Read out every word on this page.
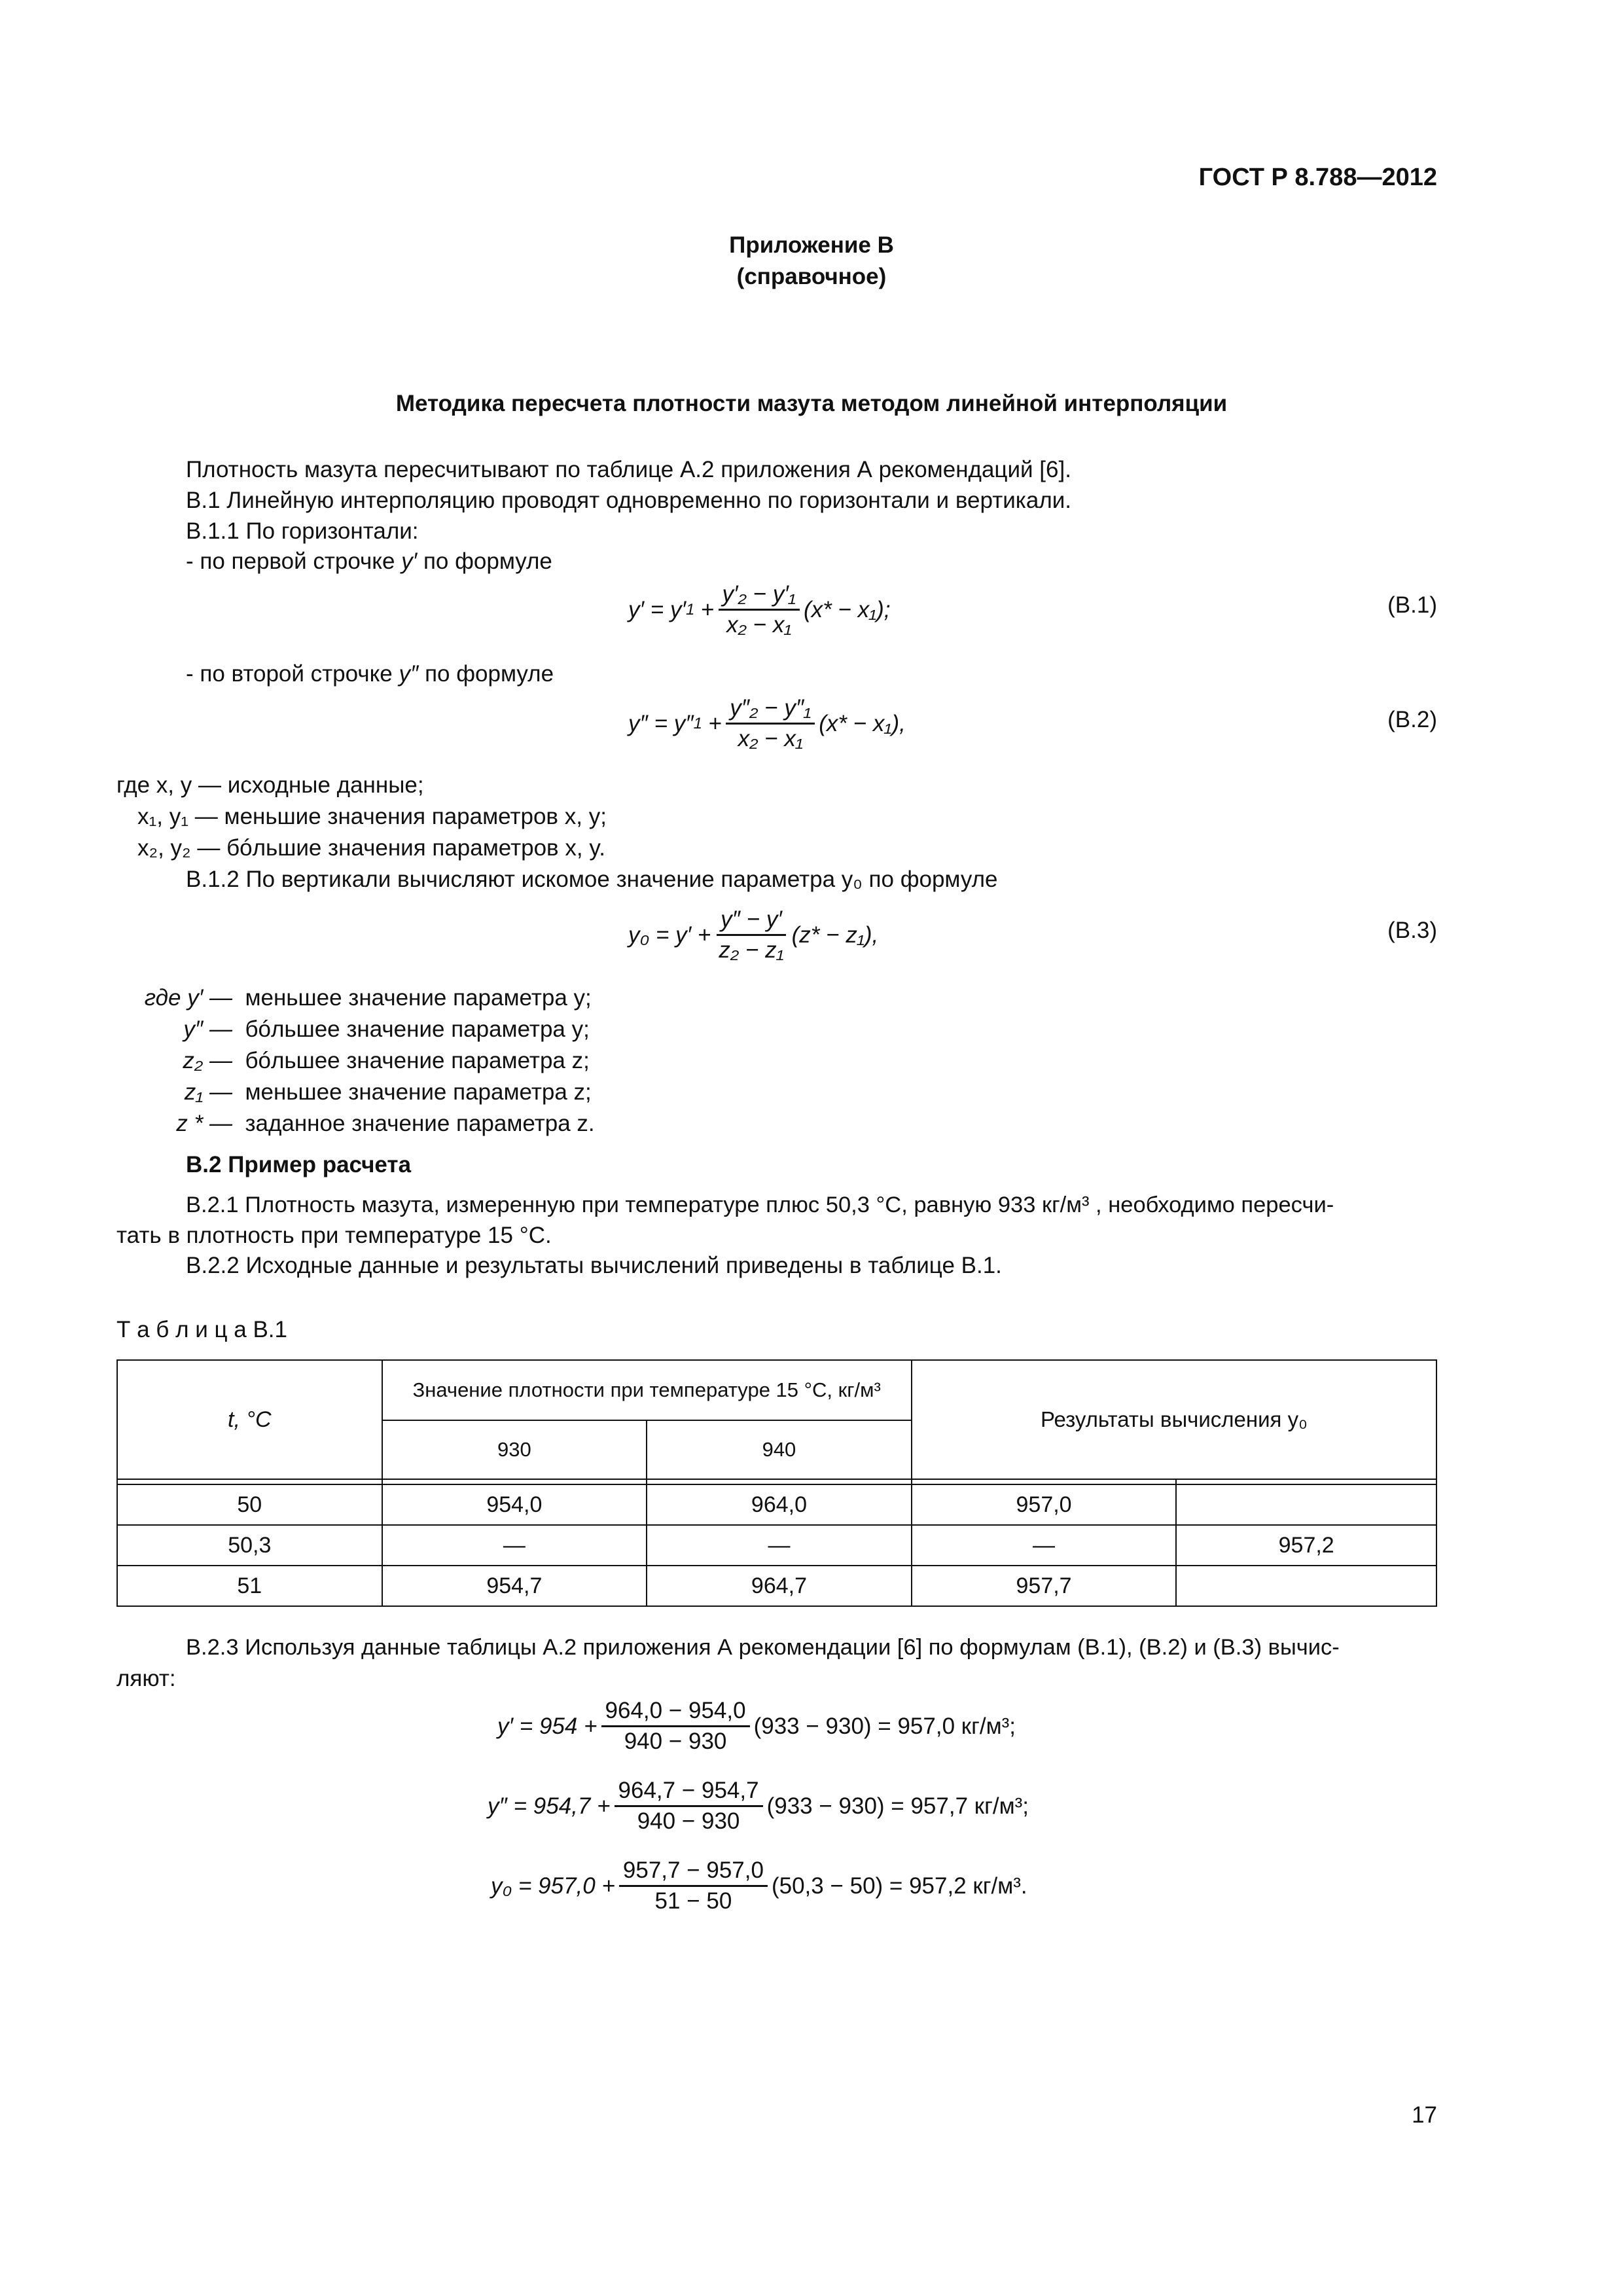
ГОСТ Р 8.788—2012
Приложение В
(справочное)
Методика пересчета плотности мазута методом линейной интерполяции
Плотность мазута пересчитывают по таблице А.2 приложения А рекомендаций [6].
В.1 Линейную интерполяцию проводят одновременно по горизонтали и вертикали.
В.1.1 По горизонтали:
- по первой строчке y′ по формуле
y′ = y′ $1 + \frac{\text{y′₂ − y′₁}}{\text{x₂ − x₁}} (x* - x_1)$;	(В.1)
- по второй строчке y″ по формуле
y″ = y″ $1 + \frac{\text{y″₂ − y″₁}}{\text{x₂ − x₁}} (x* - x_1)$,	(В.2)
где x, y — исходные данные;
x₁, y₁ — меньшие значения параметров x, y;
x₂, y₂ — бóльшие значения параметров x, y.
В.1.2 По вертикали вычисляют искомое значение параметра y₀ по формуле
$y_0 = y' + \frac{y'' - y'}{\text{z₂ − z₁}} (z* - z_1)$,	(В.3)
где y′ — меньшее значение параметра y;
y″ — бóльшее значение параметра y;
z₂ — бóльшее значение параметра z;
z₁ — меньшее значение параметра z;
z * — заданное значение параметра z.
В.2 Пример расчета
В.2.1 Плотность мазута, измеренную при температуре плюс 50,3 °С, равную 933 кг/м³ , необходимо пересчи-
тать в плотность при температуре 15 °С.
В.2.2 Исходные данные и результаты вычислений приведены в таблице В.1.
Т а б л и ц а В.1
t, °С	Значение плотности при температуре 15 °С, кг/м³		Результаты вычисления y₀	
	930	940		

50	954,0	964,0	957,0	
50,3	—	—	—	957,2
51	954,7	964,7	957,7	
В.2.3 Используя данные таблицы А.2 приложения А рекомендации [6] по формулам (В.1), (В.2) и (В.3) вычис-
ляют:
$y' = 954 + \frac{964,0 - 954,0}{940 - 930} (933 - 930) = 957,0$ кг/м³;
$y'' = 954,7 + \frac{964,7 - 954,7}{940 - 930} (933 - 930) = 957,7$ кг/м³;
$y_0 = 957,0 + \frac{957,7 - 957,0}{51 - 50} (50,3 - 50) = 957,2$ кг/м³.
17
